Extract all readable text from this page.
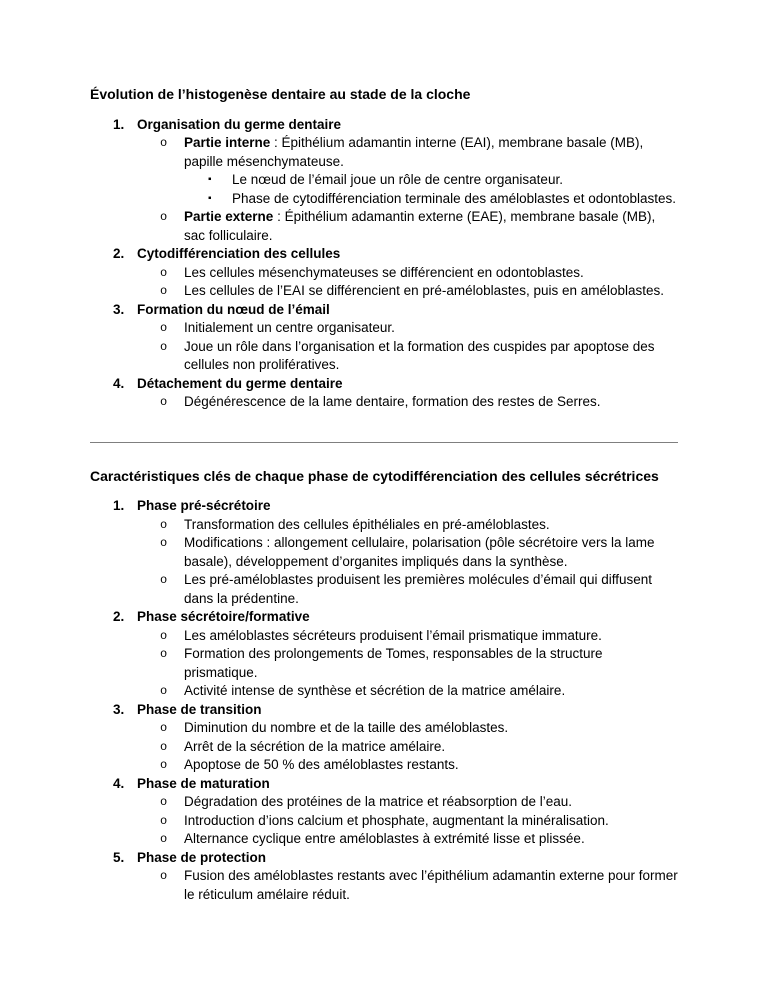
Évolution de l’histogenèse dentaire au stade de la cloche
1. Organisation du germe dentaire
o	Partie interne : Épithélium adamantin interne (EAI), membrane basale (MB), papille mésenchymateuse.
▪	Le nœud de l’émail joue un rôle de centre organisateur.
▪	Phase de cytodifférenciation terminale des améloblastes et odontoblastes.
o	Partie externe : Épithélium adamantin externe (EAE), membrane basale (MB), sac folliculaire.
2. Cytodifférenciation des cellules
o	Les cellules mésenchymateuses se différencient en odontoblastes.
o	Les cellules de l’EAI se différencient en pré-améloblastes, puis en améloblastes.
3. Formation du nœud de l’émail
o	Initialement un centre organisateur.
o	Joue un rôle dans l’organisation et la formation des cuspides par apoptose des cellules non prolifératives.
4. Détachement du germe dentaire
o	Dégénérescence de la lame dentaire, formation des restes de Serres.
Caractéristiques clés de chaque phase de cytodifférenciation des cellules sécrétrices
1. Phase pré-sécrétoire
o	Transformation des cellules épithéliales en pré-améloblastes.
o	Modifications : allongement cellulaire, polarisation (pôle sécrétoire vers la lame basale), développement d’organites impliqués dans la synthèse.
o	Les pré-améloblastes produisent les premières molécules d’émail qui diffusent dans la prédentine.
2. Phase sécrétoire/formative
o	Les améloblastes sécréteurs produisent l’émail prismatique immature.
o	Formation des prolongements de Tomes, responsables de la structure prismatique.
o	Activité intense de synthèse et sécrétion de la matrice amélaire.
3. Phase de transition
o	Diminution du nombre et de la taille des améloblastes.
o	Arrêt de la sécrétion de la matrice amélaire.
o	Apoptose de 50 % des améloblastes restants.
4. Phase de maturation
o	Dégradation des protéines de la matrice et réabsorption de l’eau.
o	Introduction d’ions calcium et phosphate, augmentant la minéralisation.
o	Alternance cyclique entre améloblastes à extrémité lisse et plissée.
5. Phase de protection
o	Fusion des améloblastes restants avec l’épithélium adamantin externe pour former le réticulum amélaire réduit.
